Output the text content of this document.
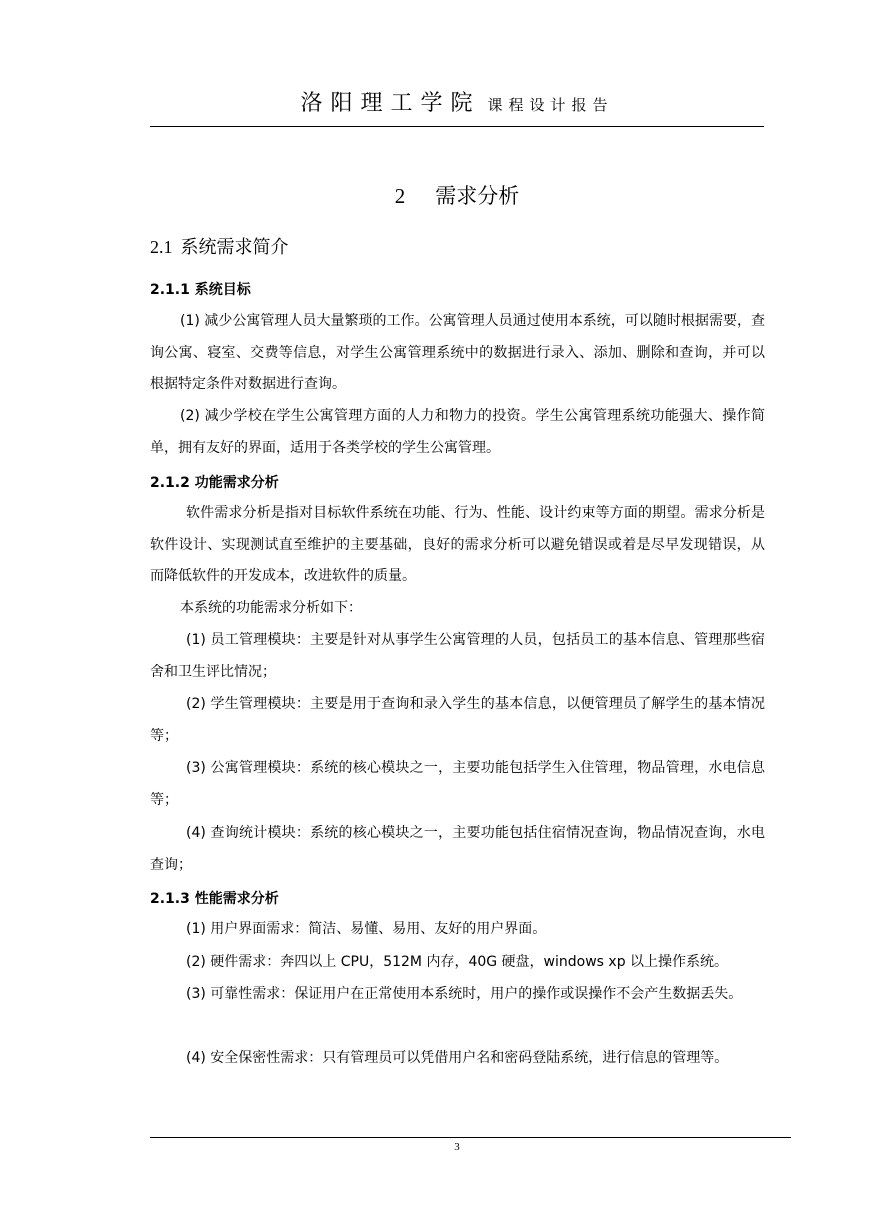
洛阳理工学院 课程设计报告
2 需求分析
2.1 系统需求简介
2.1.1 系统目标
(1) 减少公寓管理人员大量繁琐的工作。公寓管理人员通过使用本系统，可以随时根据需要，查询公寓、寝室、交费等信息，对学生公寓管理系统中的数据进行录入、添加、删除和查询，并可以根据特定条件对数据进行查询。
(2) 减少学校在学生公寓管理方面的人力和物力的投资。学生公寓管理系统功能强大、操作简单，拥有友好的界面，适用于各类学校的学生公寓管理。
2.1.2 功能需求分析
软件需求分析是指对目标软件系统在功能、行为、性能、设计约束等方面的期望。需求分析是软件设计、实现测试直至维护的主要基础，良好的需求分析可以避免错误或着是尽早发现错误，从而降低软件的开发成本，改进软件的质量。
本系统的功能需求分析如下：
(1) 员工管理模块：主要是针对从事学生公寓管理的人员，包括员工的基本信息、管理那些宿舍和卫生评比情况；
(2) 学生管理模块：主要是用于查询和录入学生的基本信息，以便管理员了解学生的基本情况等；
(3) 公寓管理模块：系统的核心模块之一，主要功能包括学生入住管理，物品管理，水电信息等；
(4) 查询统计模块：系统的核心模块之一，主要功能包括住宿情况查询，物品情况查询，水电查询；
2.1.3 性能需求分析
(1) 用户界面需求：简洁、易懂、易用、友好的用户界面。
(2) 硬件需求：奔四以上 CPU，512M 内存，40G 硬盘，windows xp 以上操作系统。
(3) 可靠性需求：保证用户在正常使用本系统时，用户的操作或误操作不会产生数据丢失。
(4) 安全保密性需求：只有管理员可以凭借用户名和密码登陆系统，进行信息的管理等。
3
